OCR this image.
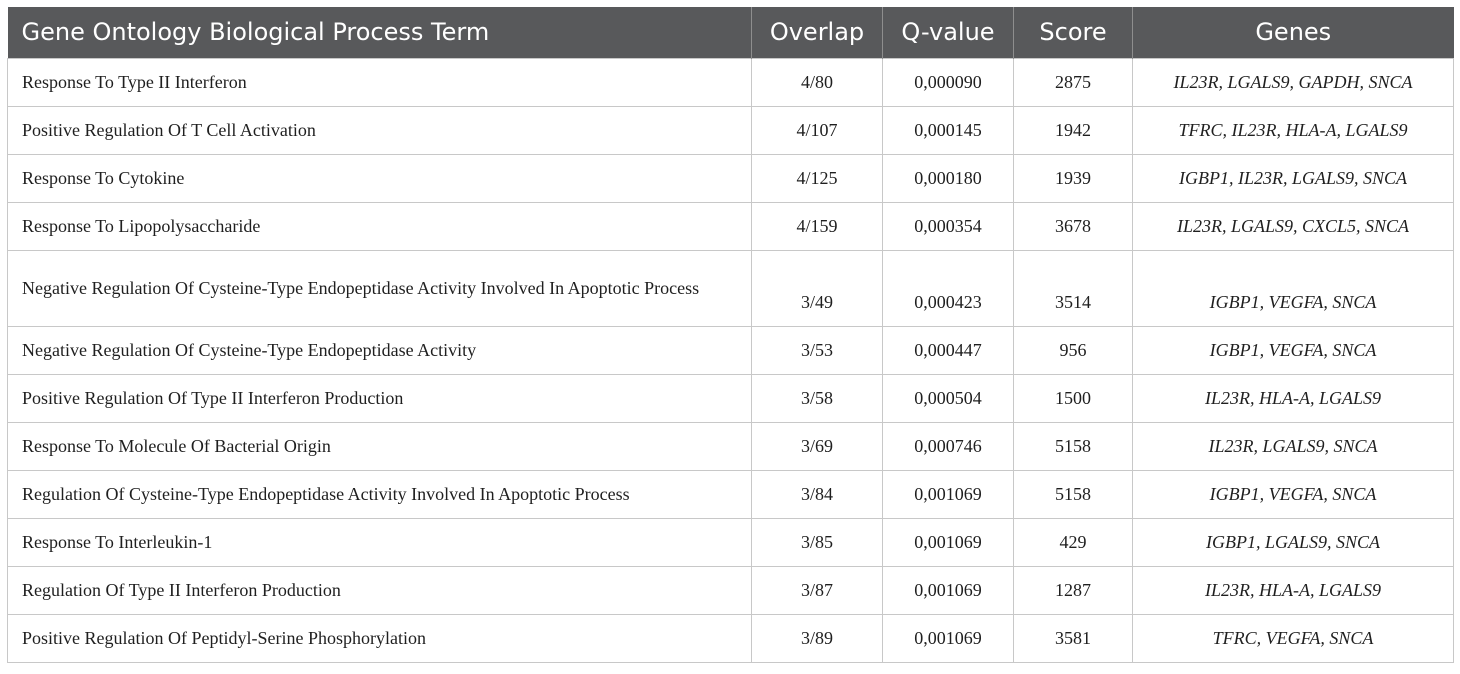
Gene Ontology Biological Process Term	Overlap	Q-value	Score	Genes
Response To Type II Interferon	4/80	0,000090	2875	IL23R, LGALS9, GAPDH, SNCA
Positive Regulation Of T Cell Activation	4/107	0,000145	1942	TFRC, IL23R, HLA-A, LGALS9
Response To Cytokine	4/125	0,000180	1939	IGBP1, IL23R, LGALS9, SNCA
Response To Lipopolysaccharide	4/159	0,000354	3678	IL23R, LGALS9, CXCL5, SNCA
Negative Regulation Of Cysteine-Type Endopeptidase Activity Involved In Apoptotic Process	3/49	0,000423	3514	IGBP1, VEGFA, SNCA
Negative Regulation Of Cysteine-Type Endopeptidase Activity	3/53	0,000447	956	IGBP1, VEGFA, SNCA
Positive Regulation Of Type II Interferon Production	3/58	0,000504	1500	IL23R, HLA-A, LGALS9
Response To Molecule Of Bacterial Origin	3/69	0,000746	5158	IL23R, LGALS9, SNCA
Regulation Of Cysteine-Type Endopeptidase Activity Involved In Apoptotic Process	3/84	0,001069	5158	IGBP1, VEGFA, SNCA
Response To Interleukin-1	3/85	0,001069	429	IGBP1, LGALS9, SNCA
Regulation Of Type II Interferon Production	3/87	0,001069	1287	IL23R, HLA-A, LGALS9
Positive Regulation Of Peptidyl-Serine Phosphorylation	3/89	0,001069	3581	TFRC, VEGFA, SNCA
